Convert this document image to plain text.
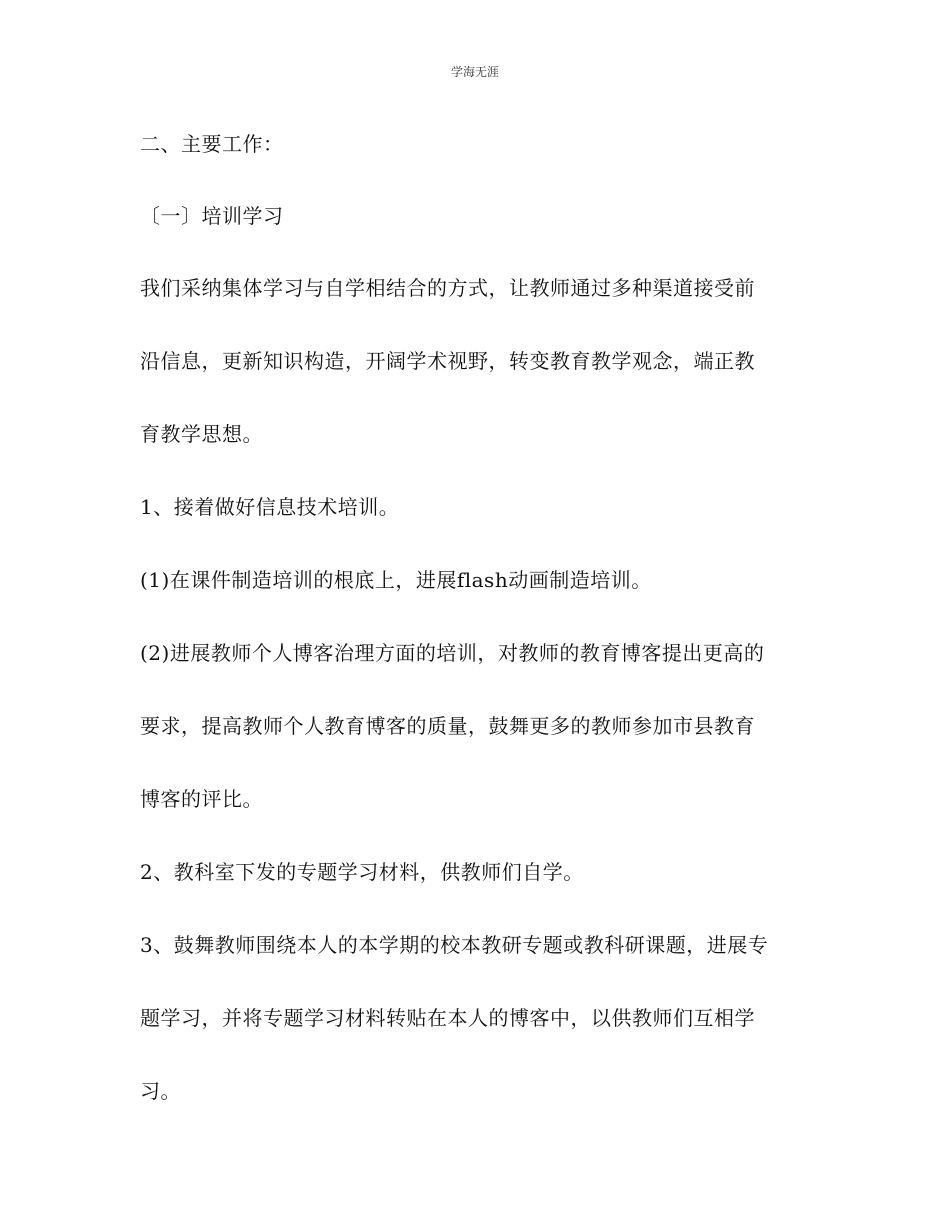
学海无涯
二、主要工作：
〔一〕培训学习
我们采纳集体学习与自学相结合的方式，让教师通过多种渠道接受前
沿信息，更新知识构造，开阔学术视野，转变教育教学观念，端正教
育教学思想。
1、接着做好信息技术培训。
(1)在课件制造培训的根底上，进展flash动画制造培训。
(2)进展教师个人博客治理方面的培训，对教师的教育博客提出更高的
要求，提高教师个人教育博客的质量，鼓舞更多的教师参加市县教育
博客的评比。
2、教科室下发的专题学习材料，供教师们自学。
3、鼓舞教师围绕本人的本学期的校本教研专题或教科研课题，进展专
题学习，并将专题学习材料转贴在本人的博客中，以供教师们互相学
习。
